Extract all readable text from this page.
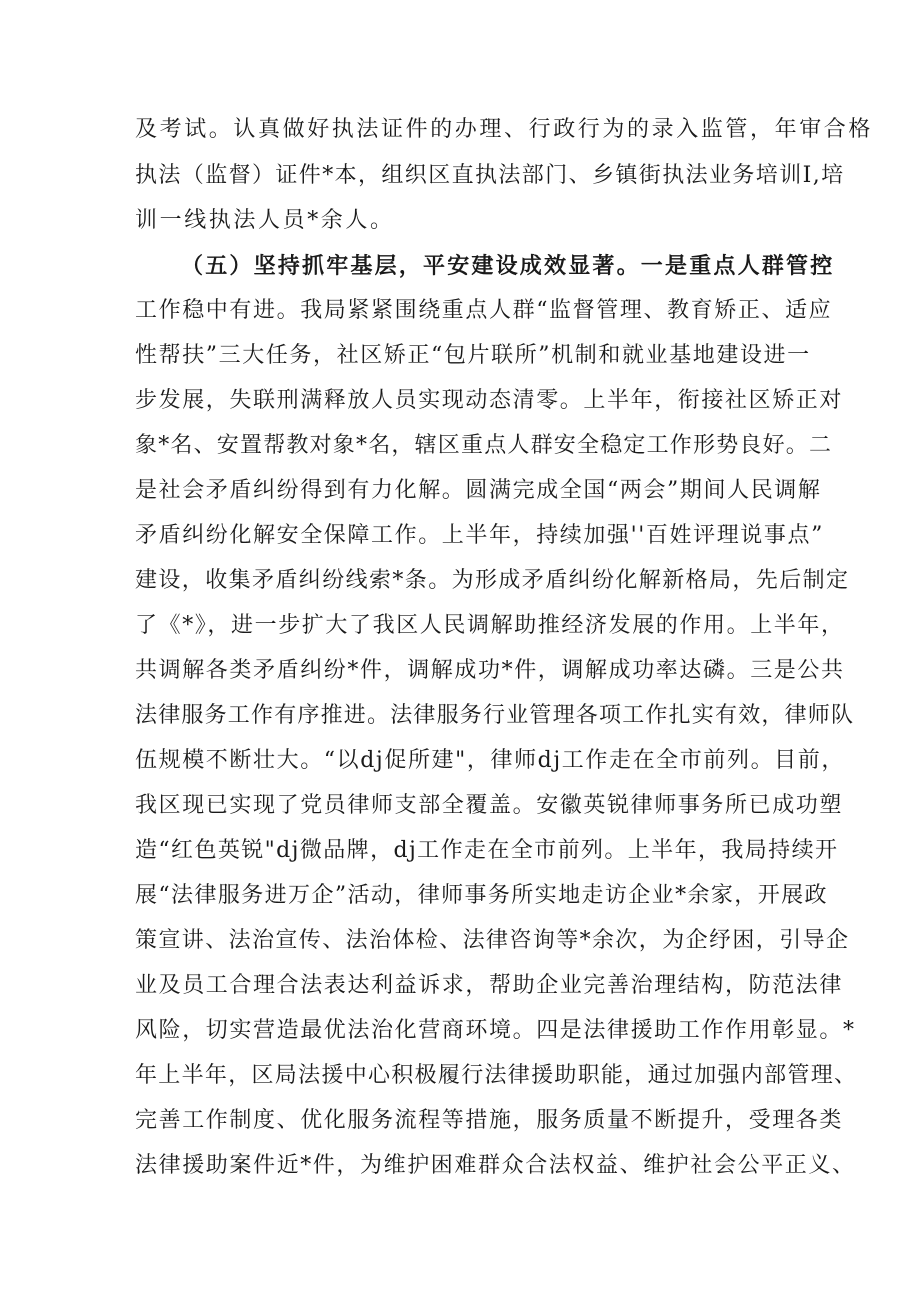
及考试。认真做好执法证件的办理、行政行为的录入监管，年审合格
执法（监督）证件*本，组织区直执法部门、乡镇街执法业务培训I,培
训一线执法人员*余人。
（五）坚持抓牢基层，平安建设成效显著。一是重点人群管控
工作稳中有进。我局紧紧围绕重点人群“监督管理、教育矫正、适应
性帮扶”三大任务，社区矫正“包片联所”机制和就业基地建设进一
步发展，失联刑满释放人员实现动态清零。上半年，衔接社区矫正对
象*名、安置帮教对象*名，辖区重点人群安全稳定工作形势良好。二
是社会矛盾纠纷得到有力化解。圆满完成全国“两会”期间人民调解
矛盾纠纷化解安全保障工作。上半年，持续加强''百姓评理说事点”
建设，收集矛盾纠纷线索*条。为形成矛盾纠纷化解新格局，先后制定
了《*》，进一步扩大了我区人民调解助推经济发展的作用。上半年，
共调解各类矛盾纠纷*件，调解成功*件，调解成功率达磷。三是公共
法律服务工作有序推进。法律服务行业管理各项工作扎实有效，律师队
伍规模不断壮大。“以dj促所建"，律师dj工作走在全市前列。目前，
我区现已实现了党员律师支部全覆盖。安徽英锐律师事务所已成功塑
造“红色英锐"dj微品牌，dj工作走在全市前列。上半年，我局持续开
展“法律服务进万企”活动，律师事务所实地走访企业*余家，开展政
策宣讲、法治宣传、法治体检、法律咨询等*余次，为企纾困，引导企
业及员工合理合法表达利益诉求，帮助企业完善治理结构，防范法律
风险，切实营造最优法治化营商环境。四是法律援助工作作用彰显。*
年上半年，区局法援中心积极履行法律援助职能，通过加强内部管理、
完善工作制度、优化服务流程等措施，服务质量不断提升，受理各类
法律援助案件近*件，为维护困难群众合法权益、维护社会公平正义、
